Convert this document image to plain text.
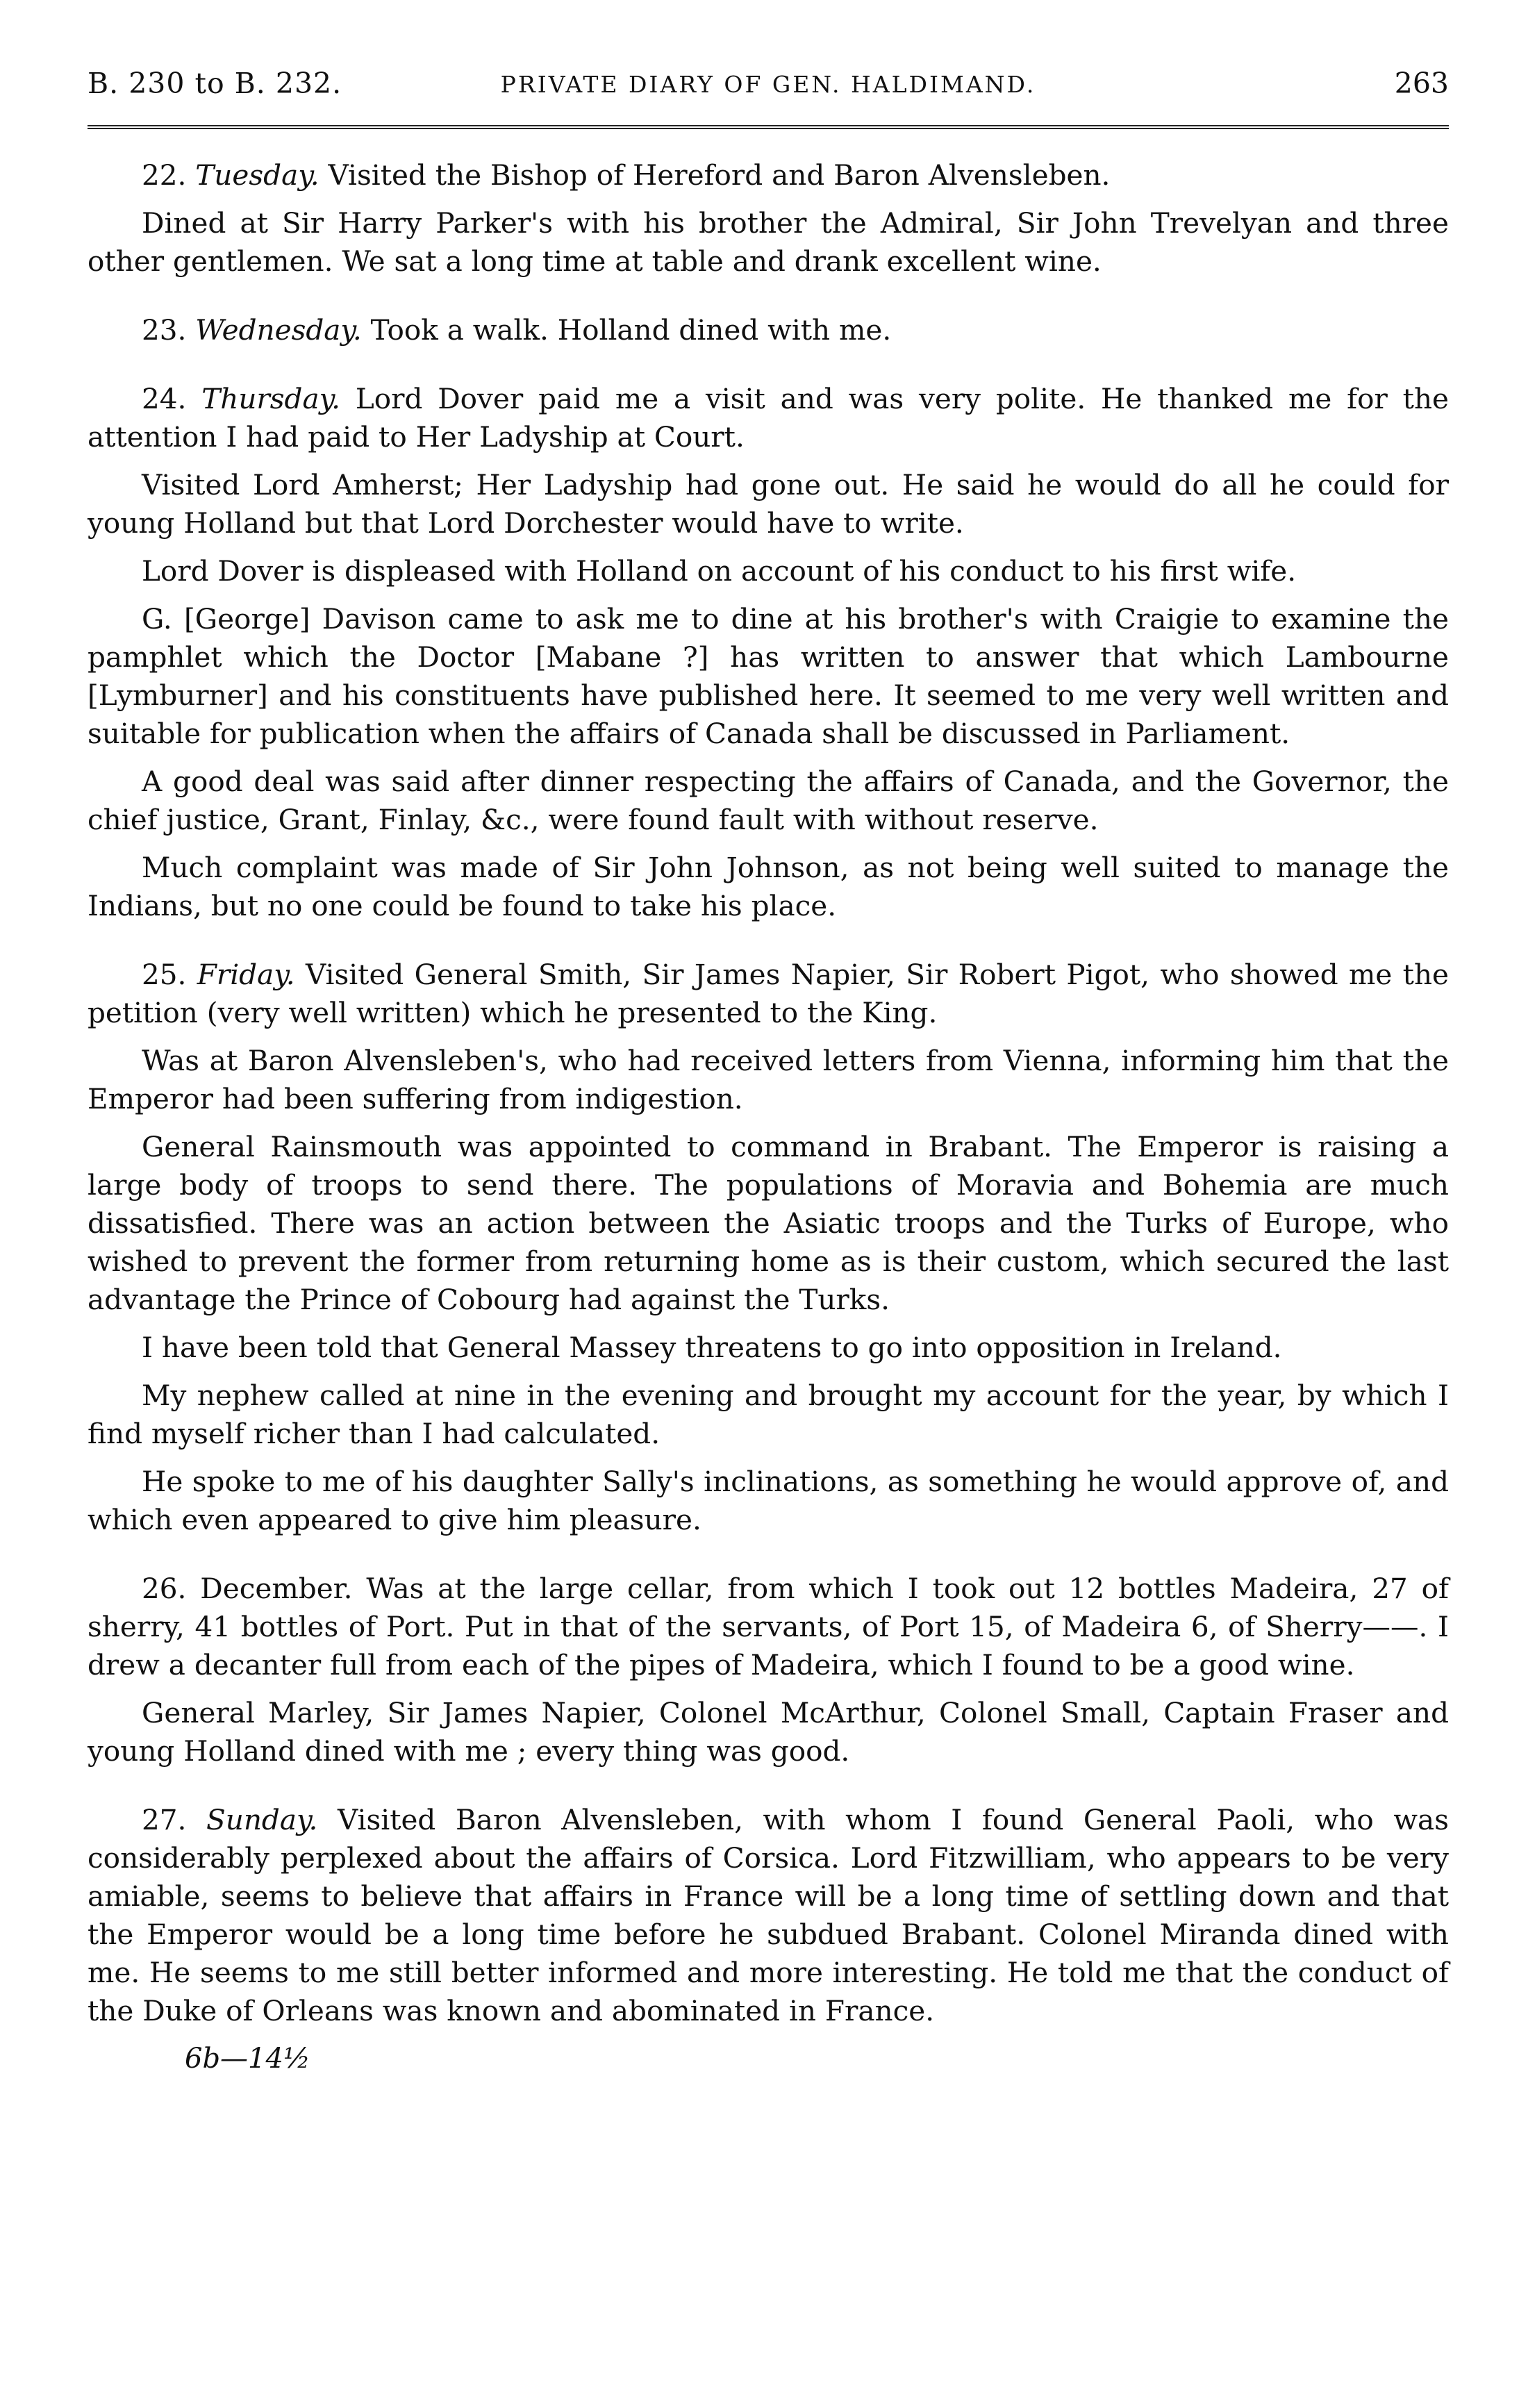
B. 230 to B. 232.	PRIVATE DIARY OF GEN. HALDIMAND.	263

22. Tuesday. Visited the Bishop of Hereford and Baron Alvensleben.

Dined at Sir Harry Parker's with his brother the Admiral, Sir John Trevelyan and three other gentlemen. We sat a long time at table and drank excellent wine.

23. Wednesday. Took a walk. Holland dined with me.

24. Thursday. Lord Dover paid me a visit and was very polite. He thanked me for the attention I had paid to Her Ladyship at Court.

Visited Lord Amherst; Her Ladyship had gone out. He said he would do all he could for young Holland but that Lord Dorchester would have to write.

Lord Dover is displeased with Holland on account of his conduct to his first wife.

G. [George] Davison came to ask me to dine at his brother's with Craigie to examine the pamphlet which the Doctor [Mabane ?] has written to answer that which Lambourne [Lymburner] and his constituents have published here. It seemed to me very well written and suitable for publication when the affairs of Canada shall be discussed in Parliament.

A good deal was said after dinner respecting the affairs of Canada, and the Governor, the chief justice, Grant, Finlay, &c., were found fault with without reserve.

Much complaint was made of Sir John Johnson, as not being well suited to manage the Indians, but no one could be found to take his place.

25. Friday. Visited General Smith, Sir James Napier, Sir Robert Pigot, who showed me the petition (very well written) which he presented to the King.

Was at Baron Alvensleben's, who had received letters from Vienna, informing him that the Emperor had been suffering from indigestion.

General Rainsmouth was appointed to command in Brabant. The Emperor is raising a large body of troops to send there. The populations of Moravia and Bohemia are much dissatisfied. There was an action between the Asiatic troops and the Turks of Europe, who wished to prevent the former from returning home as is their custom, which secured the last advantage the Prince of Cobourg had against the Turks.

I have been told that General Massey threatens to go into opposition in Ireland.

My nephew called at nine in the evening and brought my account for the year, by which I find myself richer than I had calculated.

He spoke to me of his daughter Sally's inclinations, as something he would approve of, and which even appeared to give him pleasure.

26. December. Was at the large cellar, from which I took out 12 bottles Madeira, 27 of sherry, 41 bottles of Port. Put in that of the servants, of Port 15, of Madeira 6, of Sherry——. I drew a decanter full from each of the pipes of Madeira, which I found to be a good wine.

General Marley, Sir James Napier, Colonel McArthur, Colonel Small, Captain Fraser and young Holland dined with me ; every thing was good.

27. Sunday. Visited Baron Alvensleben, with whom I found General Paoli, who was considerably perplexed about the affairs of Corsica. Lord Fitzwilliam, who appears to be very amiable, seems to believe that affairs in France will be a long time of settling down and that the Emperor would be a long time before he subdued Brabant. Colonel Miranda dined with me. He seems to me still better informed and more interesting. He told me that the conduct of the Duke of Orleans was known and abominated in France.

6b—14½
